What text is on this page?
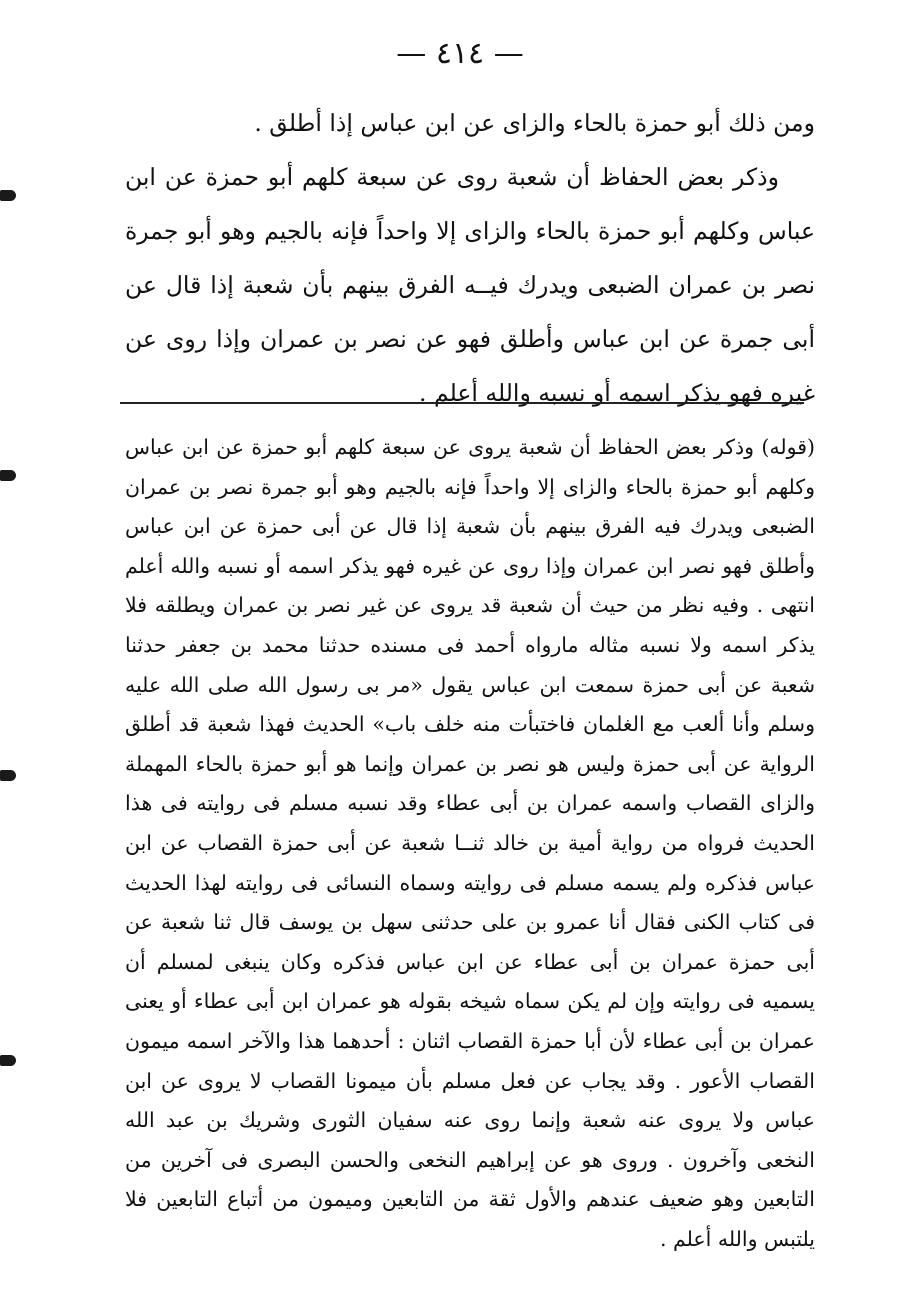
— ٤١٤ —

ومن ذلك أبو حمزة بالحاء والزاى عن ابن عباس إذا أطلق .

وذكر بعض الحفاظ أن شعبة روى عن سبعة كلهم أبو حمزة عن ابن عباس وكلهم أبو حمزة بالحاء والزاى إلا واحداً فإنه بالجيم وهو أبو جمرة نصر بن عمران الضبعى ويدرك فيــه الفرق بينهم بأن شعبة إذا قال عن أبى جمرة عن ابن عباس وأطلق فهو عن نصر بن عمران وإذا روى عن غيره فهو يذكر اسمه أو نسبه والله أعلم .

(قوله) وذكر بعض الحفاظ أن شعبة يروى عن سبعة كلهم أبو حمزة عن ابن عباس وكلهم أبو حمزة بالحاء والزاى إلا واحداً فإنه بالجيم وهو أبو جمرة نصر بن عمران الضبعى ويدرك فيه الفرق بينهم بأن شعبة إذا قال عن أبى حمزة عن ابن عباس وأطلق فهو نصر ابن عمران وإذا روى عن غيره فهو يذكر اسمه أو نسبه والله أعلم انتهى . وفيه نظر من حيث أن شعبة قد يروى عن غير نصر بن عمران ويطلقه فلا يذكر اسمه ولا نسبه مثاله مارواه أحمد فى مسنده حدثنا محمد بن جعفر حدثنا شعبة عن أبى حمزة سمعت ابن عباس يقول «مر بى رسول الله صلى الله عليه وسلم وأنا ألعب مع الغلمان فاختبأت منه خلف باب» الحديث فهذا شعبة قد أطلق الرواية عن أبى حمزة وليس هو نصر بن عمران وإنما هو أبو حمزة بالحاء المهملة والزاى القصاب واسمه عمران بن أبى عطاء وقد نسبه مسلم فى روايته فى هذا الحديث فرواه من رواية أمية بن خالد ثنــا شعبة عن أبى حمزة القصاب عن ابن عباس فذكره ولم يسمه مسلم فى روايته وسماه النسائى فى روايته لهذا الحديث فى كتاب الكنى فقال أنا عمرو بن على حدثنى سهل بن يوسف قال ثنا شعبة عن أبى حمزة عمران بن أبى عطاء عن ابن عباس فذكره وكان ينبغى لمسلم أن يسميه فى روايته وإن لم يكن سماه شيخه بقوله هو عمران ابن أبى عطاء أو يعنى عمران بن أبى عطاء لأن أبا حمزة القصاب اثنان : أحدهما هذا والآخر اسمه ميمون القصاب الأعور . وقد يجاب عن فعل مسلم بأن ميمونا القصاب لا يروى عن ابن عباس ولا يروى عنه شعبة وإنما روى عنه سفيان الثورى وشريك بن عبد الله النخعى وآخرون . وروى هو عن إبراهيم النخعى والحسن البصرى فى آخرين من التابعين وهو ضعيف عندهم والأول ثقة من التابعين وميمون من أتباع التابعين فلا يلتبس والله أعلم .
